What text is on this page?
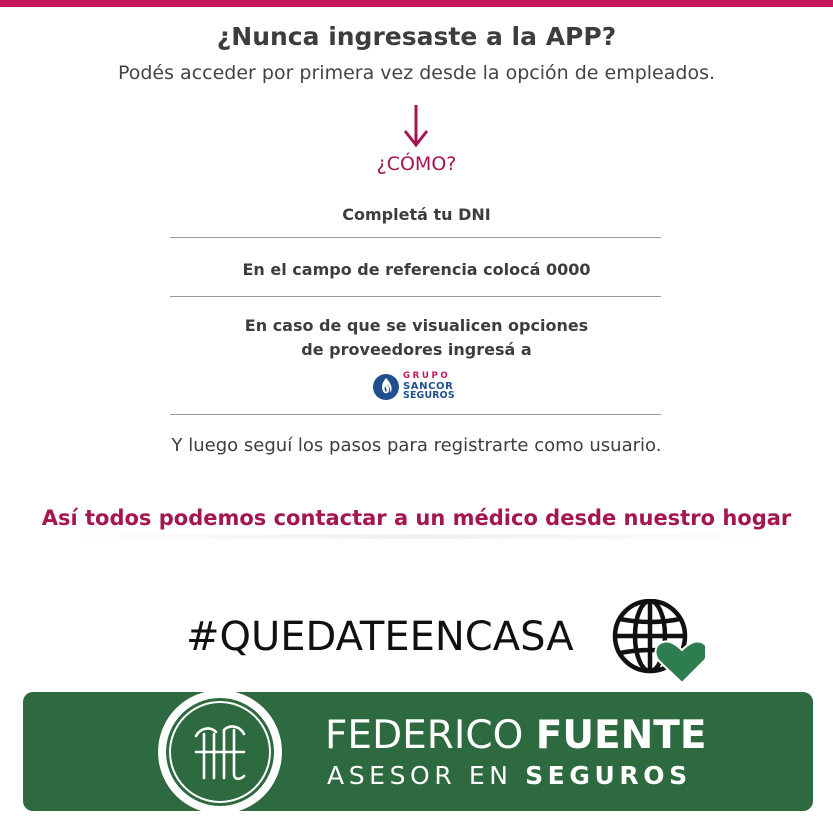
¿Nunca ingresaste a la APP?
Podés acceder por primera vez desde la opción de empleados.
¿CÓMO?
Completá tu DNI
En el campo de referencia colocá 0000
En caso de que se visualicen opciones
de proveedores ingresá a
GRUPO
SANCOR
SEGUROS
Y luego seguí los pasos para registrarte como usuario.
Así todos podemos contactar a un médico desde nuestro hogar
#QUEDATEENCASA
FEDERICO FUENTE
ASESOR EN SEGUROS
